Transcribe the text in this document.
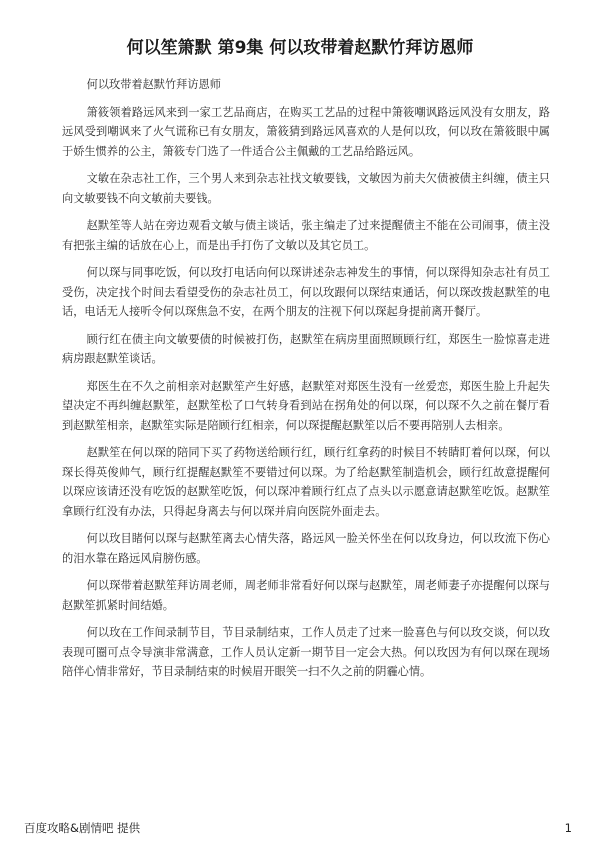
何以笙箫默 第9集 何以玫带着赵默竹拜访恩师

何以玫带着赵默竹拜访恩师

箫筱领着路远风来到一家工艺品商店，在购买工艺品的过程中箫筱嘲讽路远风没有女朋友，路远风受到嘲讽来了火气谎称已有女朋友，箫筱猜到路远风喜欢的人是何以玫，何以玫在箫筱眼中属于娇生惯养的公主，箫筱专门选了一件适合公主佩戴的工艺品给路远风。

文敏在杂志社工作，三个男人来到杂志社找文敏要钱，文敏因为前夫欠债被债主纠缠，债主只向文敏要钱不向文敏前夫要钱。

赵默笙等人站在旁边观看文敏与债主谈话，张主编走了过来提醒债主不能在公司闹事，债主没有把张主编的话放在心上，而是出手打伤了文敏以及其它员工。

何以琛与同事吃饭，何以玫打电话向何以琛讲述杂志神发生的事情，何以琛得知杂志社有员工受伤，决定找个时间去看望受伤的杂志社员工，何以玫跟何以琛结束通话，何以琛改拨赵默笙的电话，电话无人接听令何以琛焦急不安，在两个朋友的注视下何以琛起身提前离开餐厅。

顾行红在债主向文敏要债的时候被打伤，赵默笙在病房里面照顾顾行红，郑医生一脸惊喜走进病房跟赵默笙谈话。

郑医生在不久之前相亲对赵默笙产生好感，赵默笙对郑医生没有一丝爱恋，郑医生脸上升起失望决定不再纠缠赵默笙，赵默笙松了口气转身看到站在拐角处的何以琛，何以琛不久之前在餐厅看到赵默笙相亲，赵默笙实际是陪顾行红相亲，何以琛提醒赵默笙以后不要再陪别人去相亲。

赵默笙在何以琛的陪同下买了药物送给顾行红，顾行红拿药的时候目不转睛盯着何以琛，何以琛长得英俊帅气，顾行红提醒赵默笙不要错过何以琛。为了给赵默笙制造机会，顾行红故意提醒何以琛应该请还没有吃饭的赵默笙吃饭，何以琛冲着顾行红点了点头以示愿意请赵默笙吃饭。赵默笙拿顾行红没有办法，只得起身离去与何以琛并肩向医院外面走去。

何以玫目睹何以琛与赵默笙离去心情失落，路远风一脸关怀坐在何以玫身边，何以玫流下伤心的泪水靠在路远风肩膀伤感。

何以琛带着赵默笙拜访周老师，周老师非常看好何以琛与赵默笙，周老师妻子亦提醒何以琛与赵默笙抓紧时间结婚。

何以玫在工作间录制节目，节目录制结束，工作人员走了过来一脸喜色与何以玫交谈，何以玫表现可圈可点令导演非常满意，工作人员认定新一期节目一定会大热。何以玫因为有何以琛在现场陪伴心情非常好，节目录制结束的时候眉开眼笑一扫不久之前的阴霾心情。

百度攻略&剧情吧 提供	1
